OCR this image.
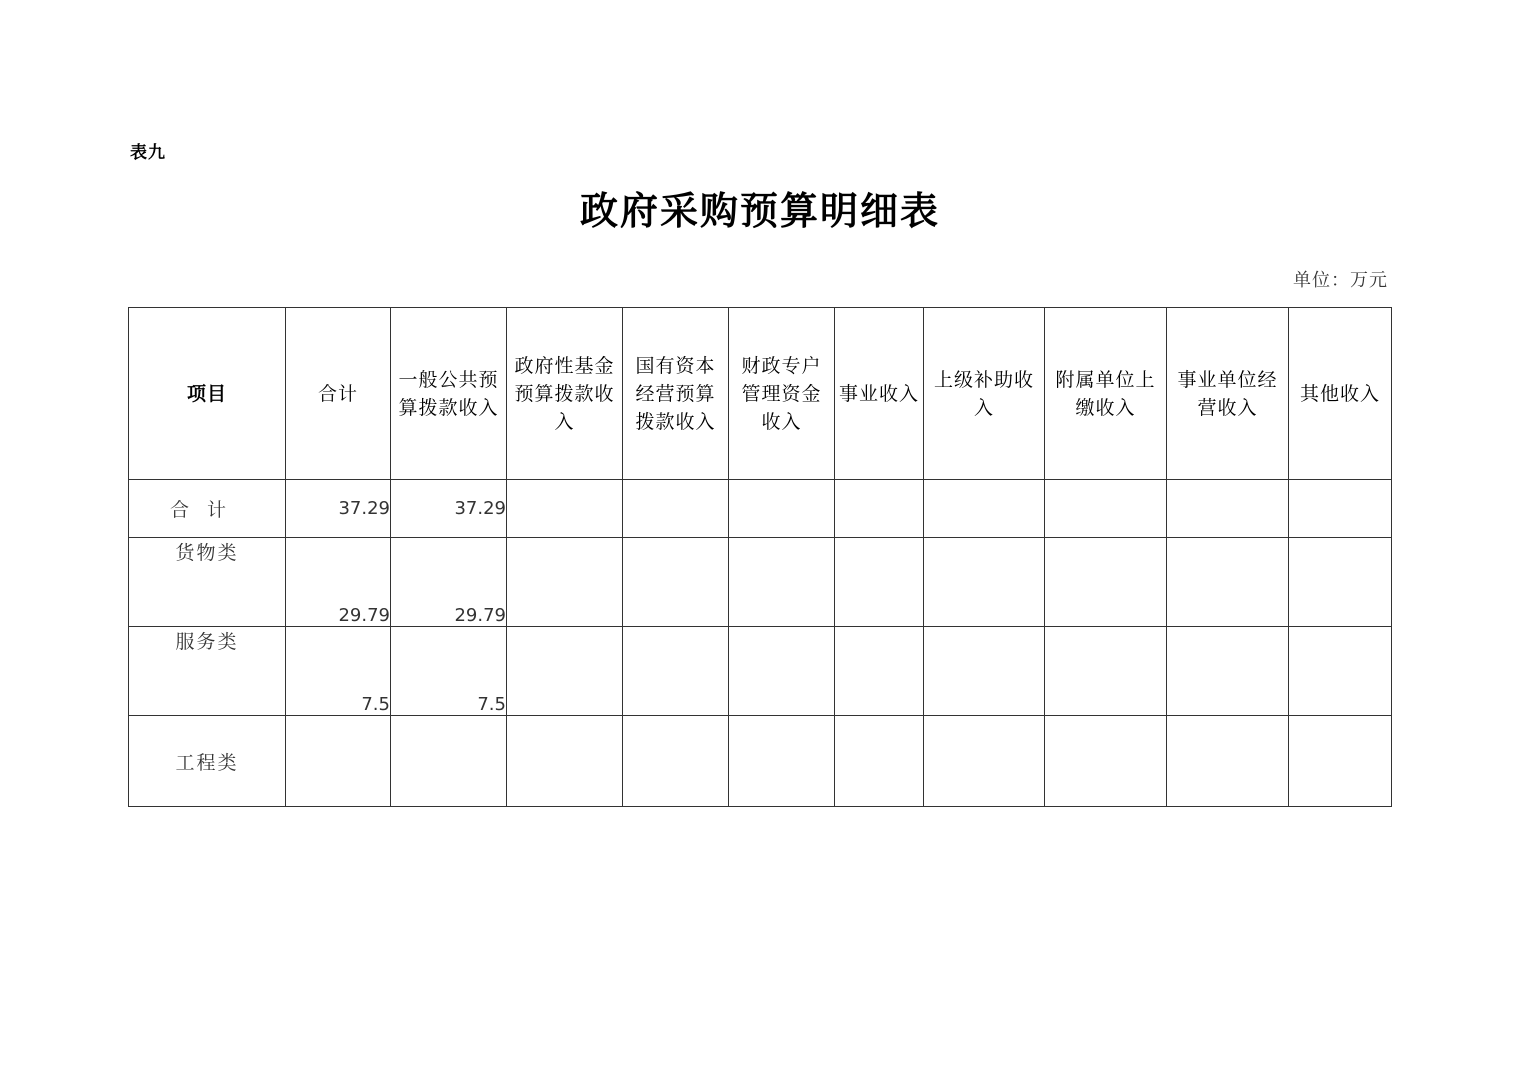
表九
政府采购预算明细表
单位：万元
项目	合计	一般公共预算拨款收入	政府性基金预算拨款收入	国有资本经营预算拨款收入	财政专户管理资金收入	事业收入	上级补助收入	附属单位上缴收入	事业单位经营收入	其他收入

合计	37.29	37.29								
货物类	29.79	29.79								
服务类	7.5	7.5								
工程类										
